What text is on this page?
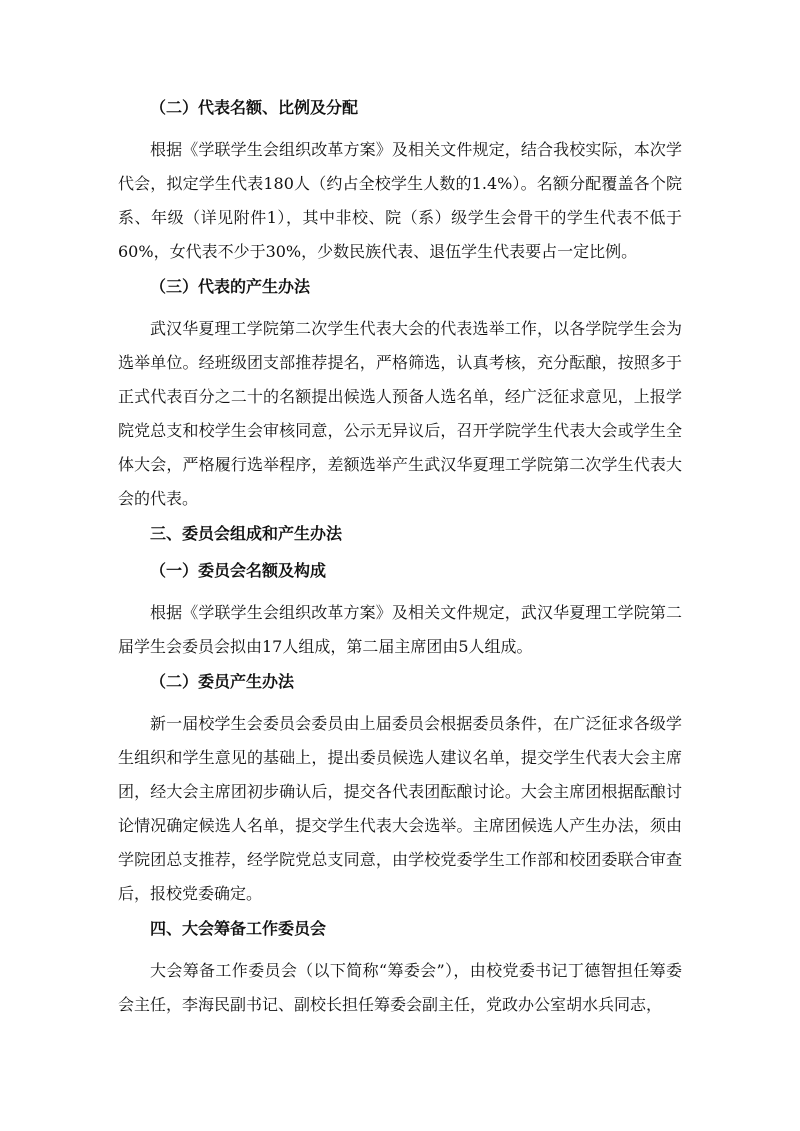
（二）代表名额、比例及分配

根据《学联学生会组织改革方案》及相关文件规定，结合我校实际，本次学代会，拟定学生代表180人（约占全校学生人数的1.4%）。名额分配覆盖各个院系、年级（详见附件1），其中非校、院（系）级学生会骨干的学生代表不低于60%，女代表不少于30%，少数民族代表、退伍学生代表要占一定比例。

（三）代表的产生办法

武汉华夏理工学院第二次学生代表大会的代表选举工作，以各学院学生会为选举单位。经班级团支部推荐提名，严格筛选，认真考核，充分酝酿，按照多于正式代表百分之二十的名额提出候选人预备人选名单，经广泛征求意见，上报学院党总支和校学生会审核同意，公示无异议后，召开学院学生代表大会或学生全体大会，严格履行选举程序，差额选举产生武汉华夏理工学院第二次学生代表大会的代表。

三、委员会组成和产生办法
（一）委员会名额及构成

根据《学联学生会组织改革方案》及相关文件规定，武汉华夏理工学院第二届学生会委员会拟由17人组成，第二届主席团由5人组成。

（二）委员产生办法

新一届校学生会委员会委员由上届委员会根据委员条件，在广泛征求各级学生组织和学生意见的基础上，提出委员候选人建议名单，提交学生代表大会主席团，经大会主席团初步确认后，提交各代表团酝酿讨论。大会主席团根据酝酿讨论情况确定候选人名单，提交学生代表大会选举。主席团候选人产生办法，须由学院团总支推荐，经学院党总支同意，由学校党委学生工作部和校团委联合审查后，报校党委确定。

四、大会筹备工作委员会

大会筹备工作委员会（以下简称“筹委会”），由校党委书记丁德智担任筹委会主任，李海民副书记、副校长担任筹委会副主任，党政办公室胡水兵同志，
